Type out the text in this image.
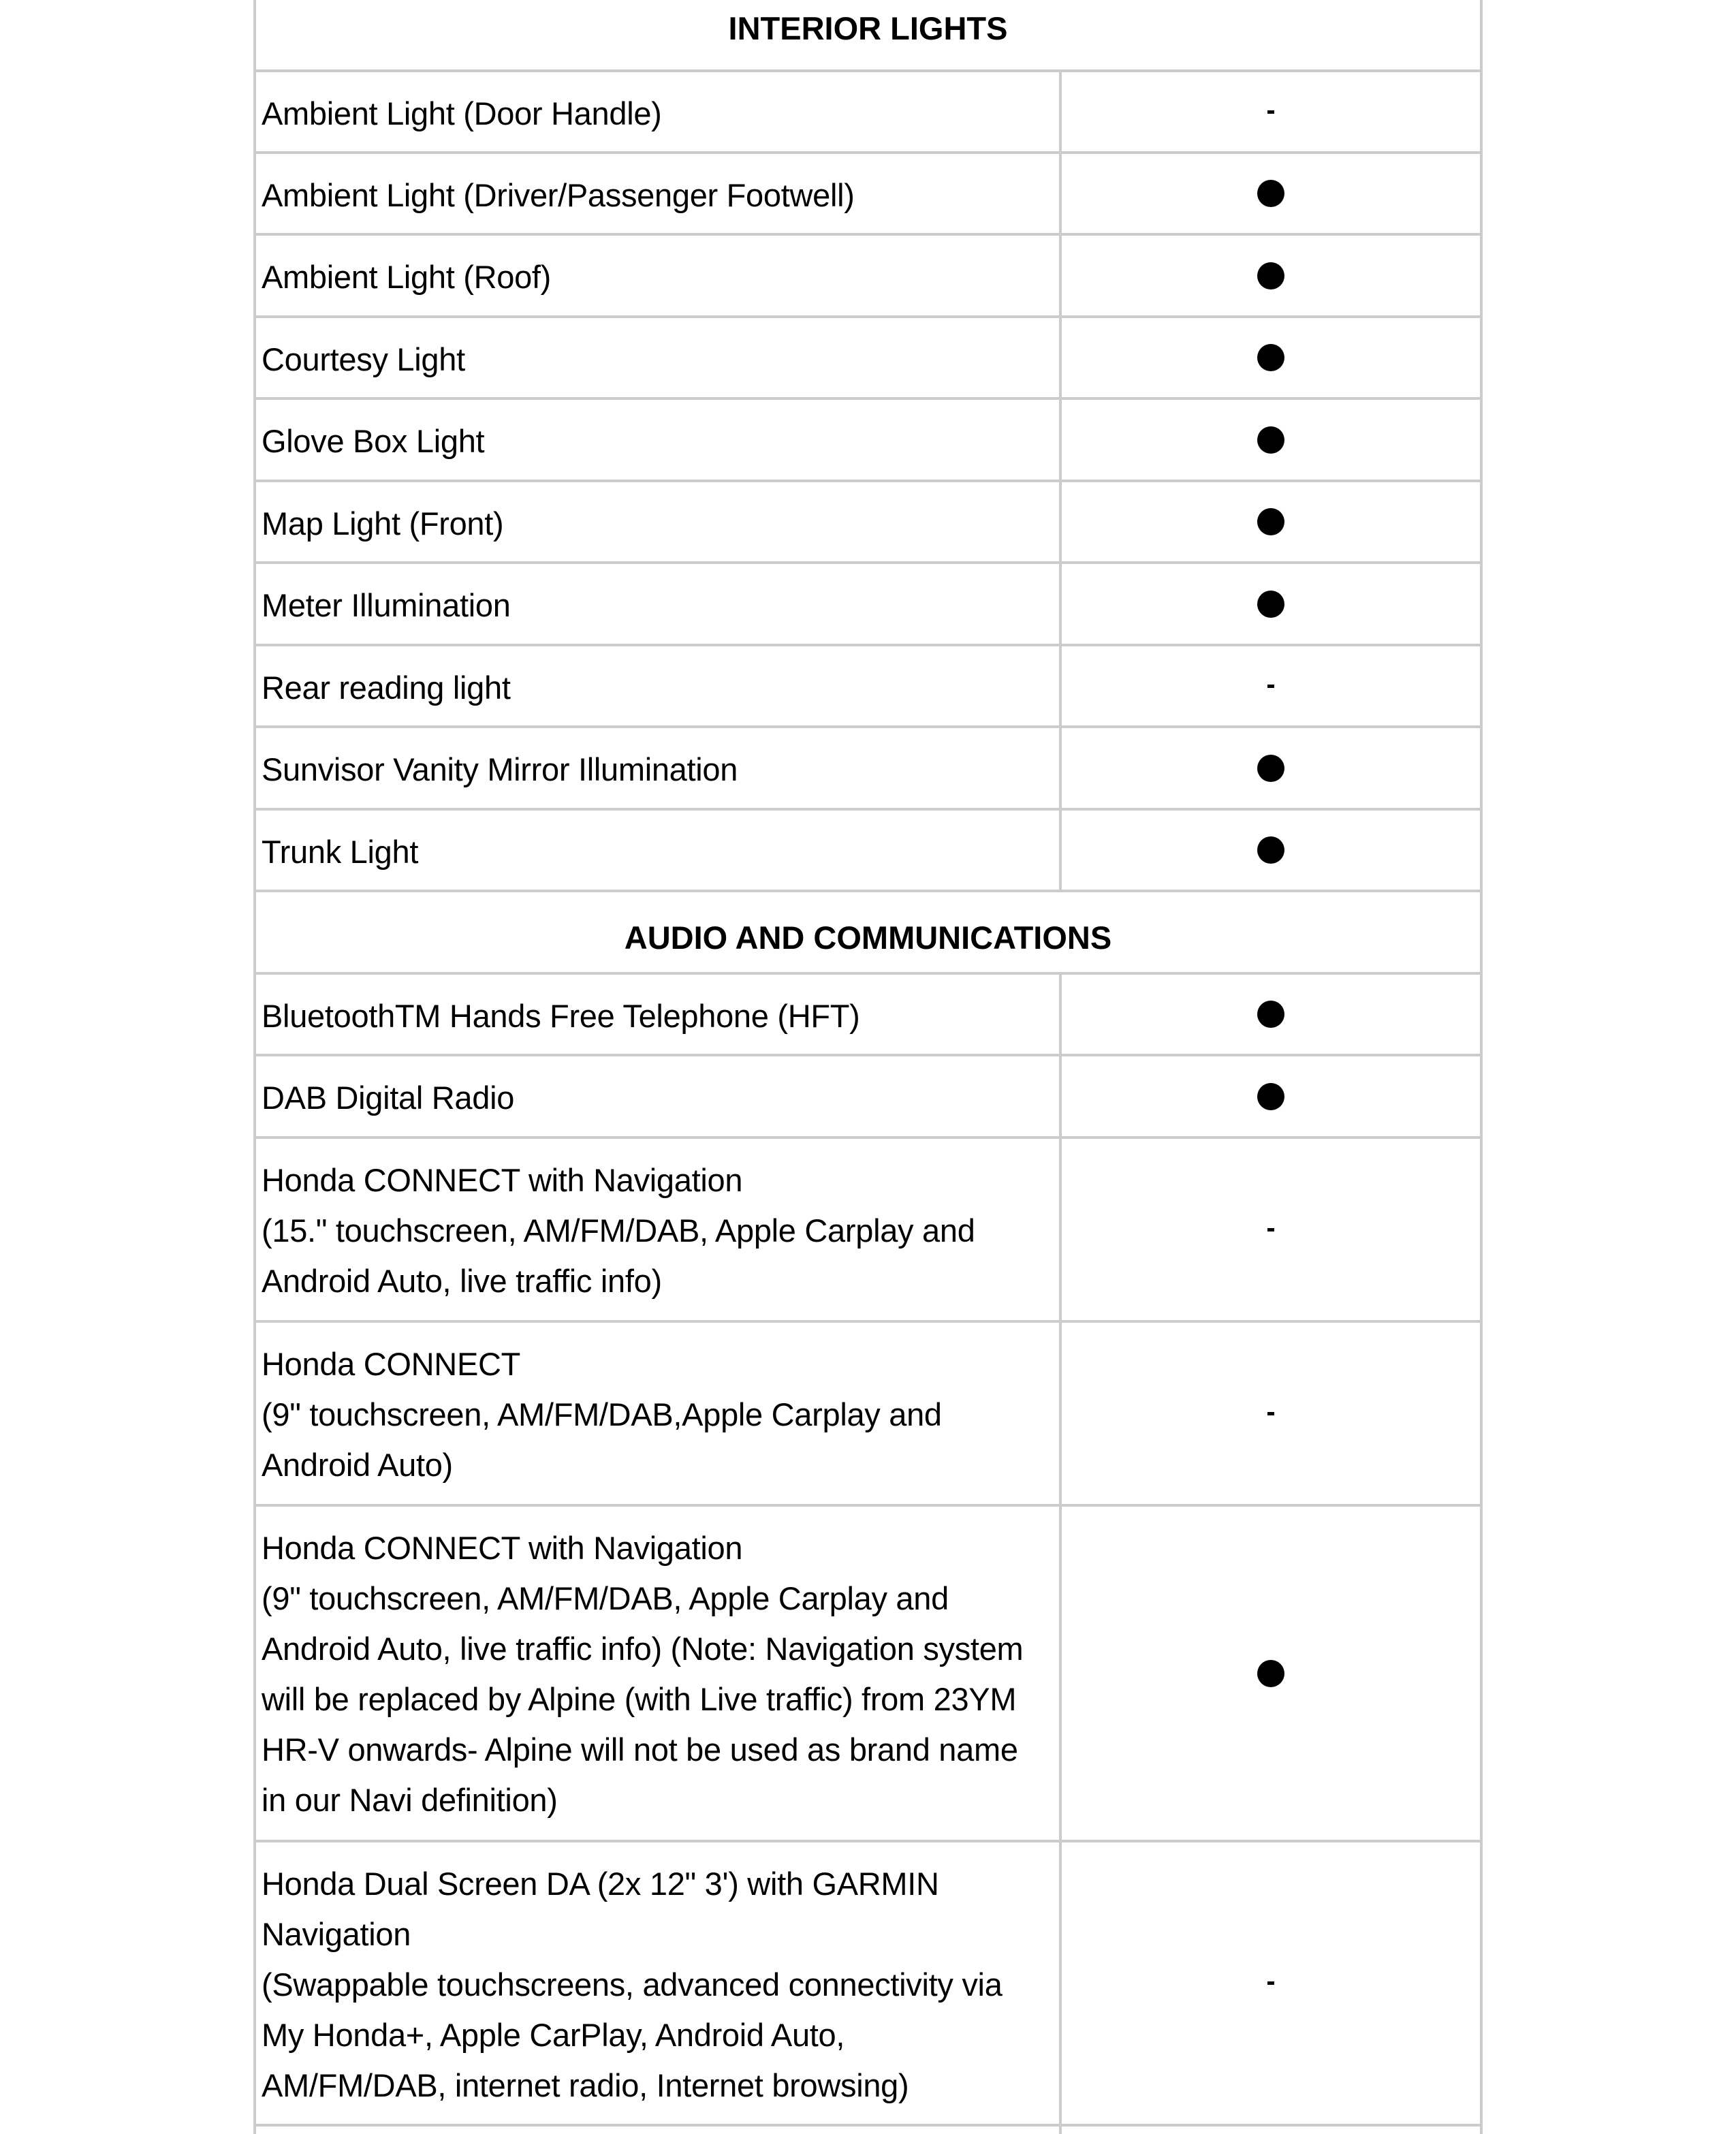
INTERIOR LIGHTS
Ambient Light (Door Handle)
Ambient Light (Driver/Passenger Footwell)
Ambient Light (Roof)
Courtesy Light
Glove Box Light
Map Light (Front)
Meter Illumination
Rear reading light
Sunvisor Vanity Mirror Illumination
Trunk Light
AUDIO AND COMMUNICATIONS
BluetoothTM Hands Free Telephone (HFT)
DAB Digital Radio
Honda CONNECT with Navigation
(15." touchscreen, AM/FM/DAB, Apple Carplay and
Android Auto, live traffic info)
Honda CONNECT
(9" touchscreen, AM/FM/DAB,Apple Carplay and
Android Auto)
Honda CONNECT with Navigation
(9" touchscreen, AM/FM/DAB, Apple Carplay and
Android Auto, live traffic info) (Note: Navigation system
will be replaced by Alpine (with Live traffic) from 23YM
HR-V onwards- Alpine will not be used as brand name
in our Navi definition)
Honda Dual Screen DA (2x 12" 3') with GARMIN
Navigation
(Swappable touchscreens, advanced connectivity via
My Honda+, Apple CarPlay, Android Auto,
AM/FM/DAB, internet radio, Internet browsing)
